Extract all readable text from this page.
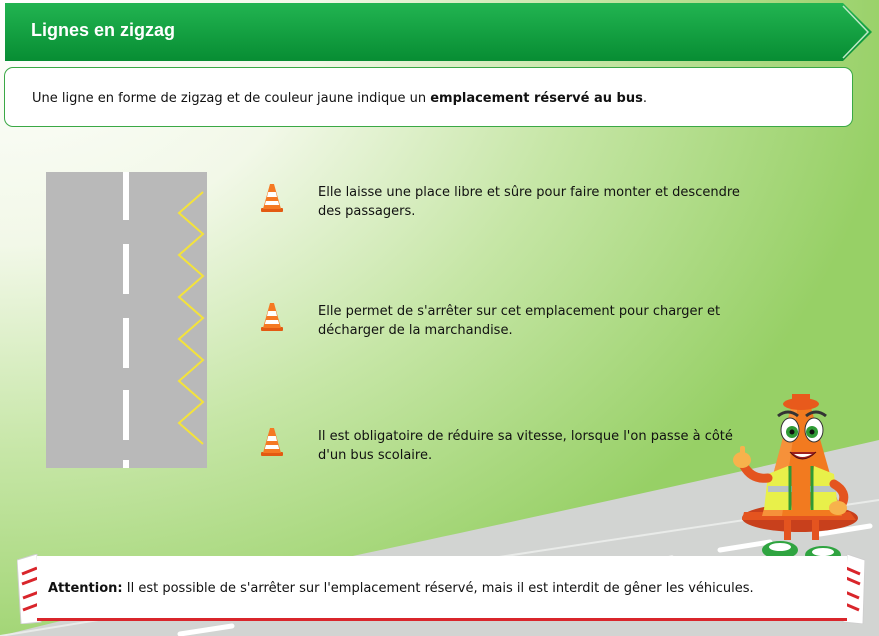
Lignes en zigzag

Une ligne en forme de zigzag et de couleur jaune indique un emplacement réservé au bus.

Elle laisse une place libre et sûre pour faire monter et descendre des passagers.
Elle permet de s'arrêter sur cet emplacement pour charger et décharger de la marchandise.
Il est obligatoire de réduire sa vitesse, lorsque l'on passe à côté d'un bus scolaire.
Attention: Il est possible de s'arrêter sur l'emplacement réservé, mais il est interdit de gêner les véhicules.
